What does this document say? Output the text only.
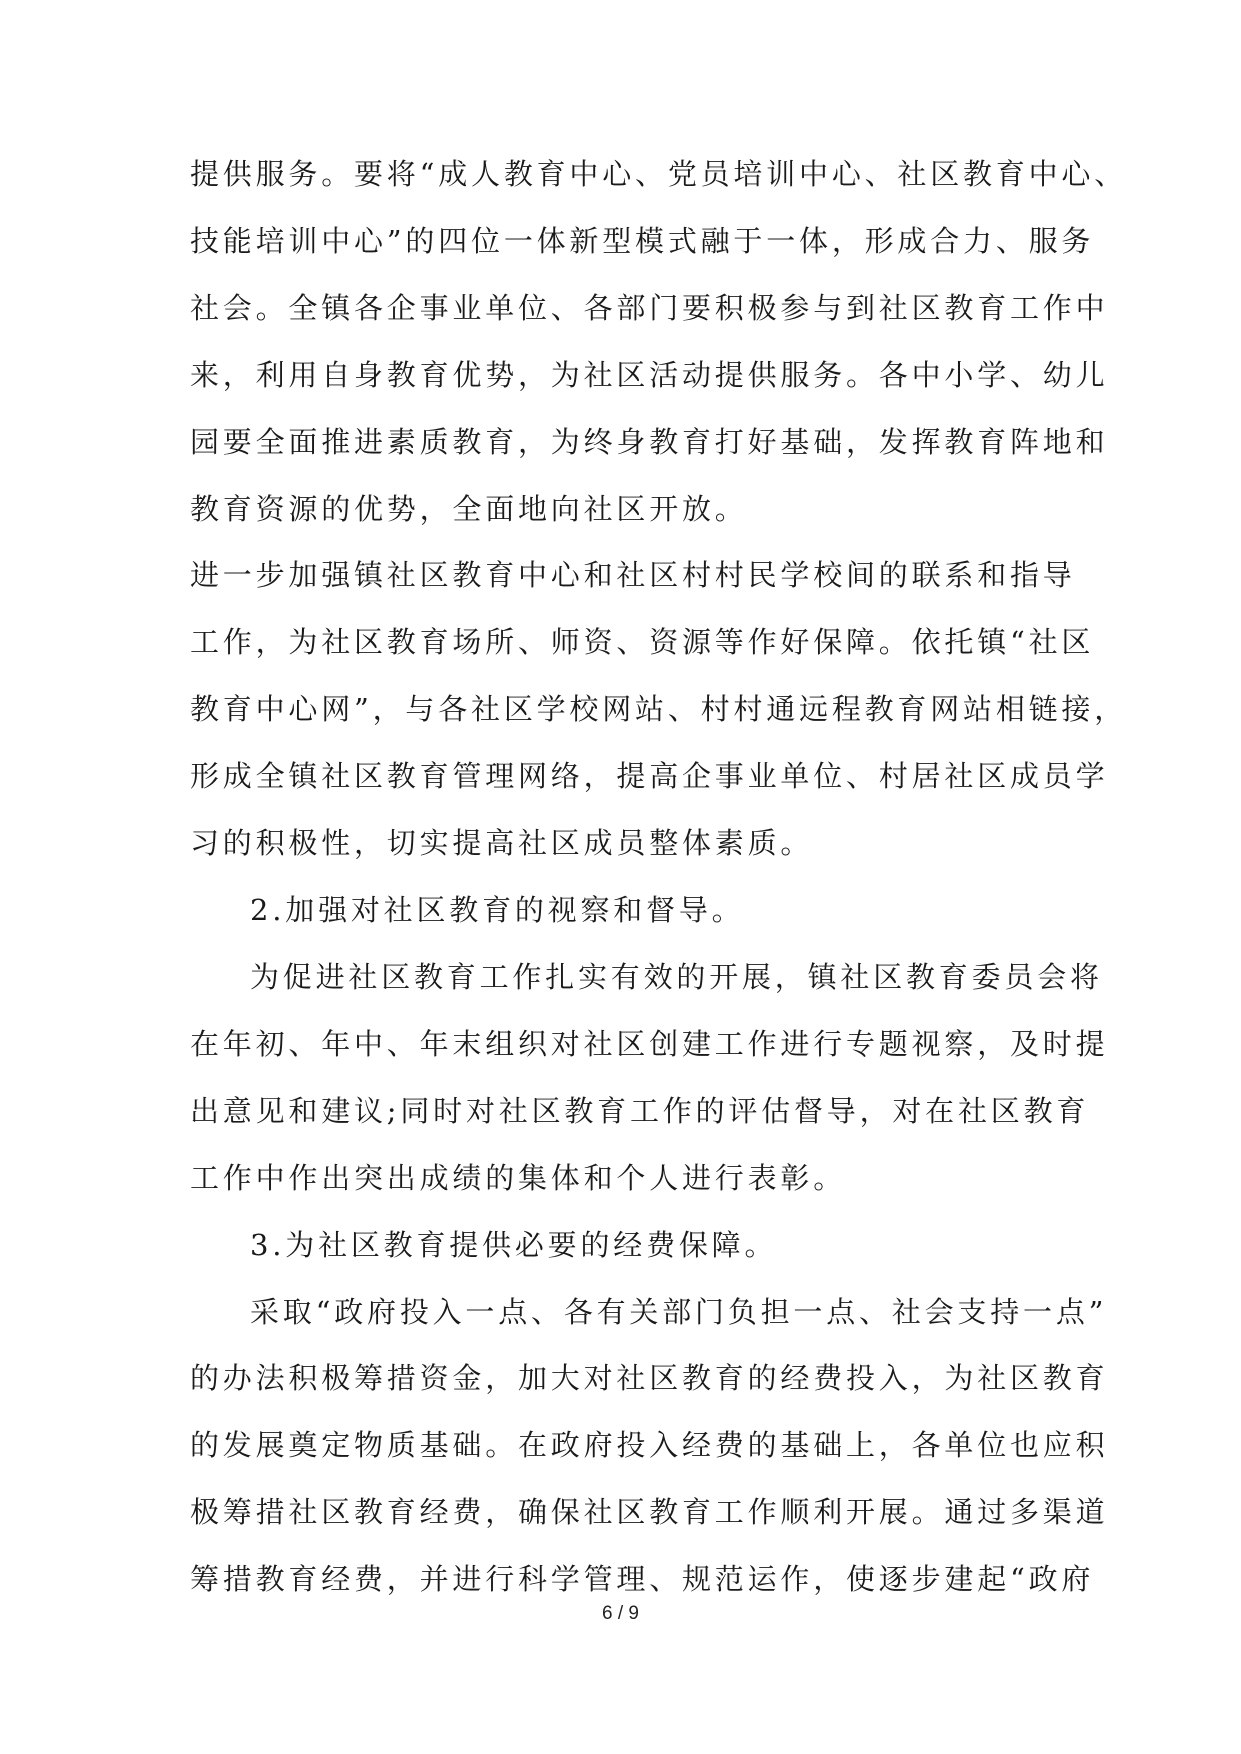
提供服务。要将“成人教育中心、党员培训中心、社区教育中心、
技能培训中心”的四位一体新型模式融于一体，形成合力、服务
社会。全镇各企事业单位、各部门要积极参与到社区教育工作中
来，利用自身教育优势，为社区活动提供服务。各中小学、幼儿
园要全面推进素质教育，为终身教育打好基础，发挥教育阵地和
教育资源的优势，全面地向社区开放。
进一步加强镇社区教育中心和社区村村民学校间的联系和指导
工作，为社区教育场所、师资、资源等作好保障。依托镇“社区
教育中心网”，与各社区学校网站、村村通远程教育网站相链接，
形成全镇社区教育管理网络，提高企事业单位、村居社区成员学
习的积极性，切实提高社区成员整体素质。
2.加强对社区教育的视察和督导。
为促进社区教育工作扎实有效的开展，镇社区教育委员会将
在年初、年中、年末组织对社区创建工作进行专题视察，及时提
出意见和建议;同时对社区教育工作的评估督导，对在社区教育
工作中作出突出成绩的集体和个人进行表彰。
3.为社区教育提供必要的经费保障。
采取“政府投入一点、各有关部门负担一点、社会支持一点”
的办法积极筹措资金，加大对社区教育的经费投入，为社区教育
的发展奠定物质基础。在政府投入经费的基础上，各单位也应积
极筹措社区教育经费，确保社区教育工作顺利开展。通过多渠道
筹措教育经费，并进行科学管理、规范运作，使逐步建起“政府
6 / 9
